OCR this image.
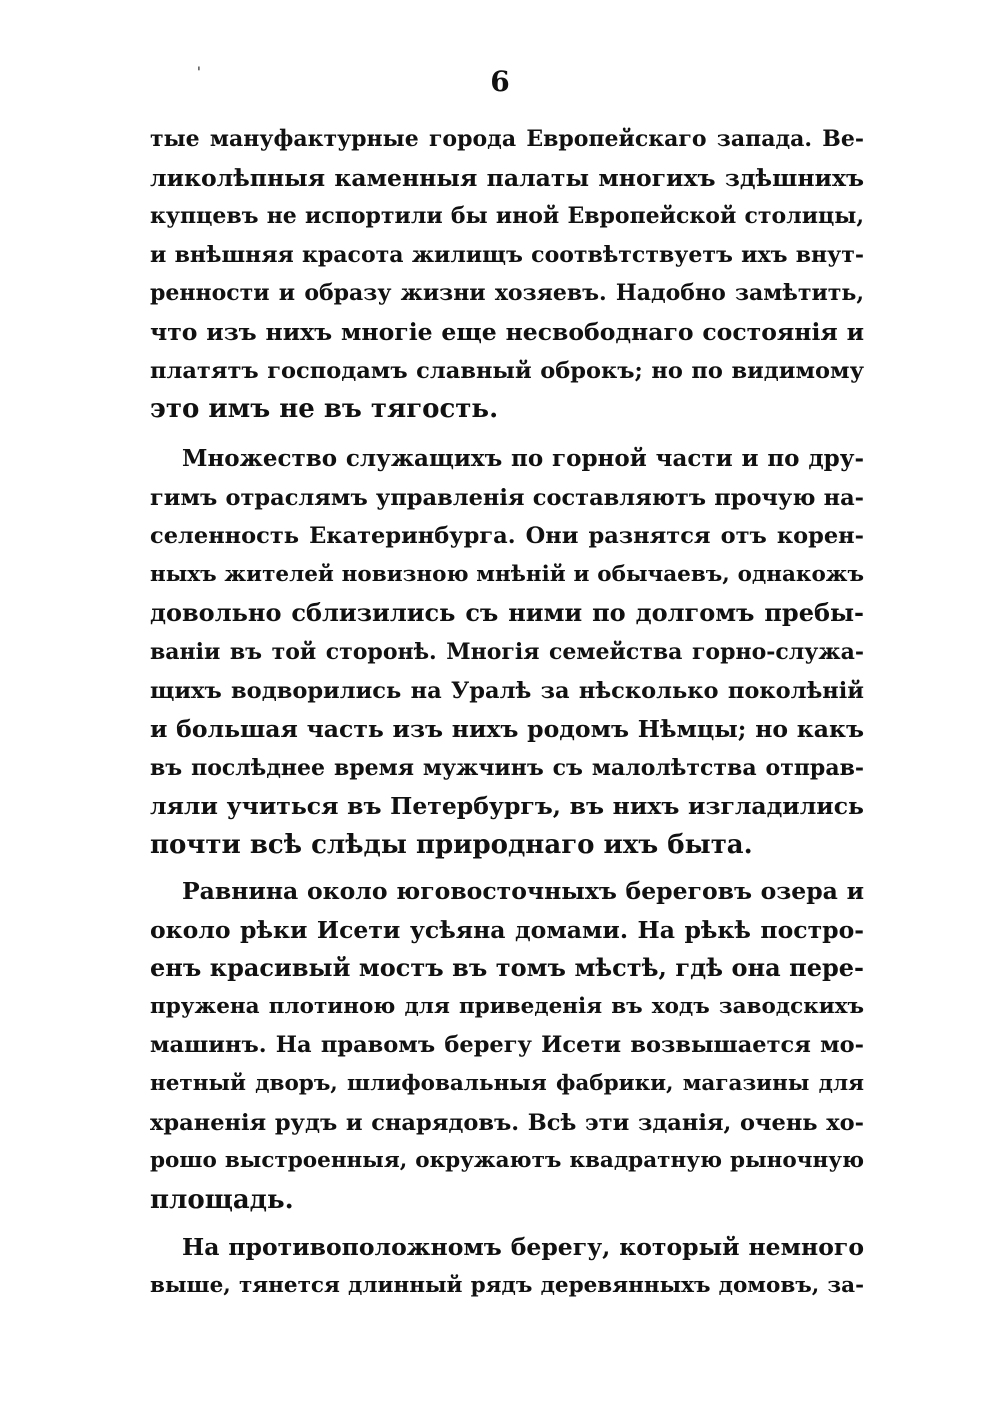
'	6
тые мануфактурные города Европейскаго запада. Ве-
ликолѣпныя каменныя палаты многихъ здѣшнихъ
купцевъ не испортили бы иной Европейской столицы,
и внѣшняя красота жилищъ соотвѣтствуетъ ихъ внут-
ренности и образу жизни хозяевъ. Надобно замѣтить,
что изъ нихъ многіе еще несвободнаго состоянія и
платятъ господамъ славный оброкъ; но по видимому
это имъ не въ тягость.
Множество служащихъ по горной части и по дру-
гимъ отраслямъ управленія составляютъ прочую на-
селенность Екатеринбурга. Они разнятся отъ корен-
ныхъ жителей новизною мнѣній и обычаевъ, однакожъ
довольно сблизились съ ними по долгомъ пребы-
ваніи въ той сторонѣ. Многія семейства горно-служа-
щихъ водворились на Уралѣ за нѣсколько поколѣній
и большая часть изъ нихъ родомъ Нѣмцы; но какъ
въ послѣднее время мужчинъ съ малолѣтства отправ-
ляли учиться въ Петербургъ, въ нихъ изгладились
почти всѣ слѣды природнаго ихъ быта.
Равнина около юговосточныхъ береговъ озера и
около рѣки Исети усѣяна домами. На рѣкѣ постро-
енъ красивый мостъ въ томъ мѣстѣ, гдѣ она пере-
пружена плотиною для приведенія въ ходъ заводскихъ
машинъ. На правомъ берегу Исети возвышается мо-
нетный дворъ, шлифовальныя фабрики, магазины для
храненія рудъ и снарядовъ. Всѣ эти зданія, очень хо-
рошо выстроенныя, окружаютъ квадратную рыночную
площадь.
На противоположномъ берегу, который немного
выше, тянется длинный рядъ деревянныхъ домовъ, за-
